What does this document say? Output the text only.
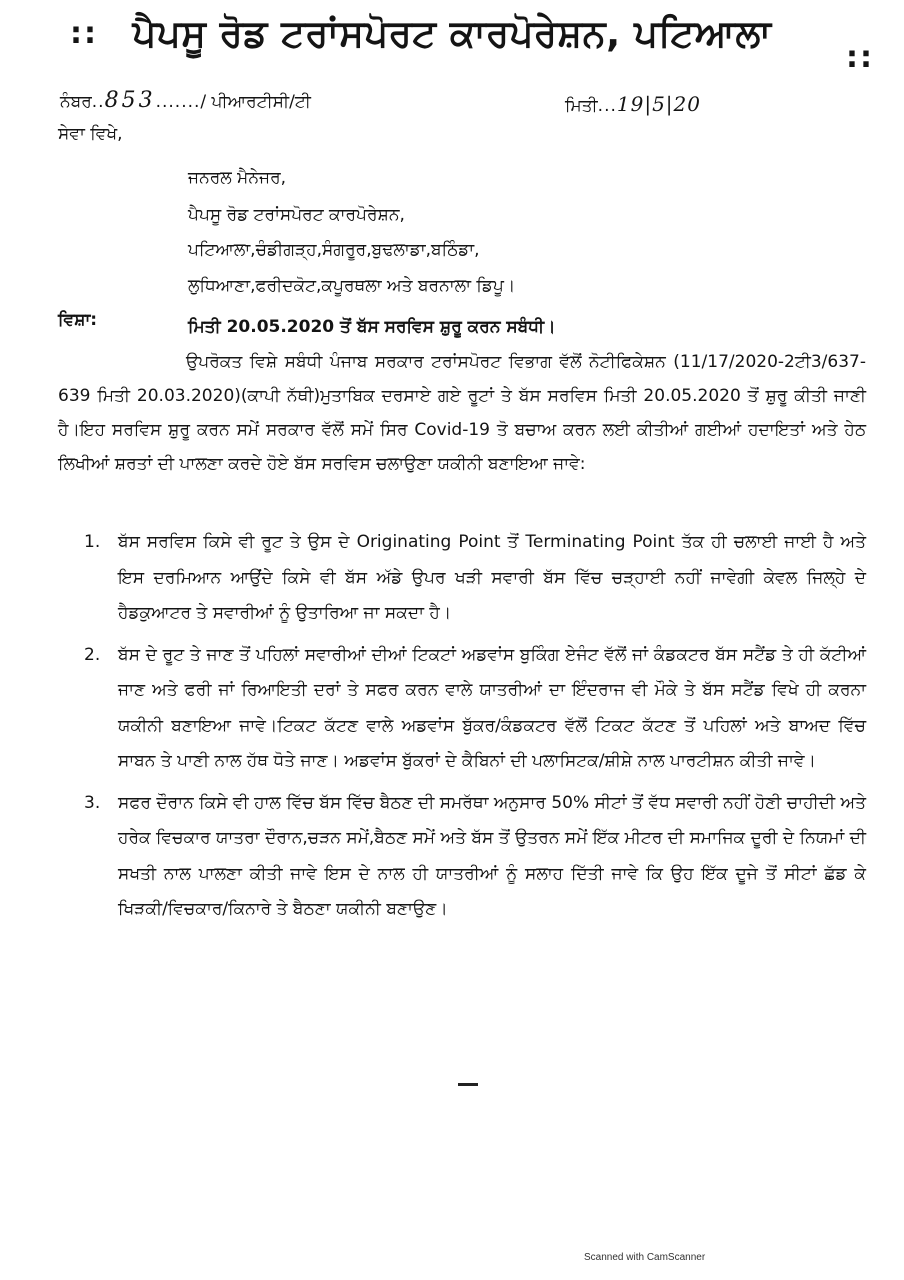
:: ਪੈਪਸੂ ਰੋਡ ਟਰਾਂਸਪੋਰਟ ਕਾਰਪੋਰੇਸ਼ਨ, ਪਟਿਆਲਾ
::
ਨੰਬਰ..853......./ ਪੀਆਰਟੀਸੀ/ਟੀ	ਮਿਤੀ...19|5|20
ਸੇਵਾ ਵਿਖੇ,
ਜਨਰਲ ਮੈਨੇਜਰ,
ਪੈਪਸੂ ਰੋਡ ਟਰਾਂਸਪੋਰਟ ਕਾਰਪੋਰੇਸ਼ਨ,
ਪਟਿਆਲਾ,ਚੰਡੀਗੜ੍ਹ,ਸੰਗਰੂਰ,ਬੁਢਲਾਡਾ,ਬਠਿੰਡਾ,
ਲੁਧਿਆਣਾ,ਫਰੀਦਕੋਟ,ਕਪੂਰਥਲਾ ਅਤੇ ਬਰਨਾਲਾ ਡਿਪੂ।
ਵਿਸ਼ਾ:	ਮਿਤੀ 20.05.2020 ਤੋਂ ਬੱਸ ਸਰਵਿਸ ਸ਼ੁਰੂ ਕਰਨ ਸਬੰਧੀ।
ਉਪਰੋਕਤ ਵਿਸ਼ੇ ਸਬੰਧੀ ਪੰਜਾਬ ਸਰਕਾਰ ਟਰਾਂਸਪੋਰਟ ਵਿਭਾਗ ਵੱਲੋਂ ਨੋਟੀਫਿਕੇਸ਼ਨ (11/17/2020-2ਟੀ3/637-639 ਮਿਤੀ 20.03.2020)(ਕਾਪੀ ਨੱਥੀ)ਮੁਤਾਬਿਕ ਦਰਸਾਏ ਗਏ ਰੂਟਾਂ ਤੇ ਬੱਸ ਸਰਵਿਸ ਮਿਤੀ 20.05.2020 ਤੋਂ ਸ਼ੁਰੂ ਕੀਤੀ ਜਾਣੀ ਹੈ।ਇਹ ਸਰਵਿਸ ਸ਼ੁਰੂ ਕਰਨ ਸਮੇਂ ਸਰਕਾਰ ਵੱਲੋਂ ਸਮੇਂ ਸਿਰ Covid-19 ਤੋ ਬਚਾਅ ਕਰਨ ਲਈ ਕੀਤੀਆਂ ਗਈਆਂ ਹਦਾਇਤਾਂ ਅਤੇ ਹੇਠ ਲਿਖੀਆਂ ਸ਼ਰਤਾਂ ਦੀ ਪਾਲਣਾ ਕਰਦੇ ਹੋਏ ਬੱਸ ਸਰਵਿਸ ਚਲਾਉਣਾ ਯਕੀਨੀ ਬਣਾਇਆ ਜਾਵੇ:
1. ਬੱਸ ਸਰਵਿਸ ਕਿਸੇ ਵੀ ਰੂਟ ਤੇ ਉਸ ਦੇ Originating Point ਤੋਂ Terminating Point ਤੱਕ ਹੀ ਚਲਾਈ ਜਾਈ ਹੈ ਅਤੇ ਇਸ ਦਰਮਿਆਨ ਆਉਂਦੇ ਕਿਸੇ ਵੀ ਬੱਸ ਅੱਡੇ ਉਪਰ ਖੜੀ ਸਵਾਰੀ ਬੱਸ ਵਿੱਚ ਚੜ੍ਹਾਈ ਨਹੀਂ ਜਾਵੇਗੀ ਕੇਵਲ ਜਿਲ੍ਹੇ ਦੇ ਹੈਡਕੁਆਟਰ ਤੇ ਸਵਾਰੀਆਂ ਨੂੰ ਉਤਾਰਿਆ ਜਾ ਸਕਦਾ ਹੈ।
2. ਬੱਸ ਦੇ ਰੂਟ ਤੇ ਜਾਣ ਤੋਂ ਪਹਿਲਾਂ ਸਵਾਰੀਆਂ ਦੀਆਂ ਟਿਕਟਾਂ ਅਡਵਾਂਸ ਬੁਕਿੰਗ ਏਜੰਟ ਵੱਲੋਂ ਜਾਂ ਕੰਡਕਟਰ ਬੱਸ ਸਟੈਂਡ ਤੇ ਹੀ ਕੱਟੀਆਂ ਜਾਣ ਅਤੇ ਫਰੀ ਜਾਂ ਰਿਆਇਤੀ ਦਰਾਂ ਤੇ ਸਫਰ ਕਰਨ ਵਾਲੇ ਯਾਤਰੀਆਂ ਦਾ ਇੰਦਰਾਜ ਵੀ ਮੌਕੇ ਤੇ ਬੱਸ ਸਟੈਂਡ ਵਿਖੇ ਹੀ ਕਰਨਾ ਯਕੀਨੀ ਬਣਾਇਆ ਜਾਵੇ।ਟਿਕਟ ਕੱਟਣ ਵਾਲੇ ਅਡਵਾਂਸ ਬੁੱਕਰ/ਕੰਡਕਟਰ ਵੱਲੋਂ ਟਿਕਟ ਕੱਟਣ ਤੋਂ ਪਹਿਲਾਂ ਅਤੇ ਬਾਅਦ ਵਿੱਚ ਸਾਬਨ ਤੇ ਪਾਣੀ ਨਾਲ ਹੱਥ ਧੋਤੇ ਜਾਣ। ਅਡਵਾਂਸ ਬੁੱਕਰਾਂ ਦੇ ਕੈਬਿਨਾਂ ਦੀ ਪਲਾਸਿਟਕ/ਸ਼ੀਸ਼ੇ ਨਾਲ ਪਾਰਟੀਸ਼ਨ ਕੀਤੀ ਜਾਵੇ।
3. ਸਫਰ ਦੌਰਾਨ ਕਿਸੇ ਵੀ ਹਾਲ ਵਿੱਚ ਬੱਸ ਵਿੱਚ ਬੈਠਣ ਦੀ ਸਮਰੱਥਾ ਅਨੁਸਾਰ 50% ਸੀਟਾਂ ਤੋਂ ਵੱਧ ਸਵਾਰੀ ਨਹੀਂ ਹੋਣੀ ਚਾਹੀਦੀ ਅਤੇ ਹਰੇਕ ਵਿਚਕਾਰ ਯਾਤਰਾ ਦੌਰਾਨ,ਚੜਨ ਸਮੇਂ,ਬੈਠਣ ਸਮੇਂ ਅਤੇ ਬੱਸ ਤੋਂ ਉਤਰਨ ਸਮੇਂ ਇੱਕ ਮੀਟਰ ਦੀ ਸਮਾਜਿਕ ਦੂਰੀ ਦੇ ਨਿਯਮਾਂ ਦੀ ਸਖਤੀ ਨਾਲ ਪਾਲਣਾ ਕੀਤੀ ਜਾਵੇ ਇਸ ਦੇ ਨਾਲ ਹੀ ਯਾਤਰੀਆਂ ਨੂੰ ਸਲਾਹ ਦਿੱਤੀ ਜਾਵੇ ਕਿ ਉਹ ਇੱਕ ਦੂਜੇ ਤੋਂ ਸੀਟਾਂ ਛੱਡ ਕੇ ਖਿੜਕੀ/ਵਿਚਕਾਰ/ਕਿਨਾਰੇ ਤੇ ਬੈਠਣਾ ਯਕੀਨੀ ਬਣਾਉਣ।
Scanned with CamScanner
